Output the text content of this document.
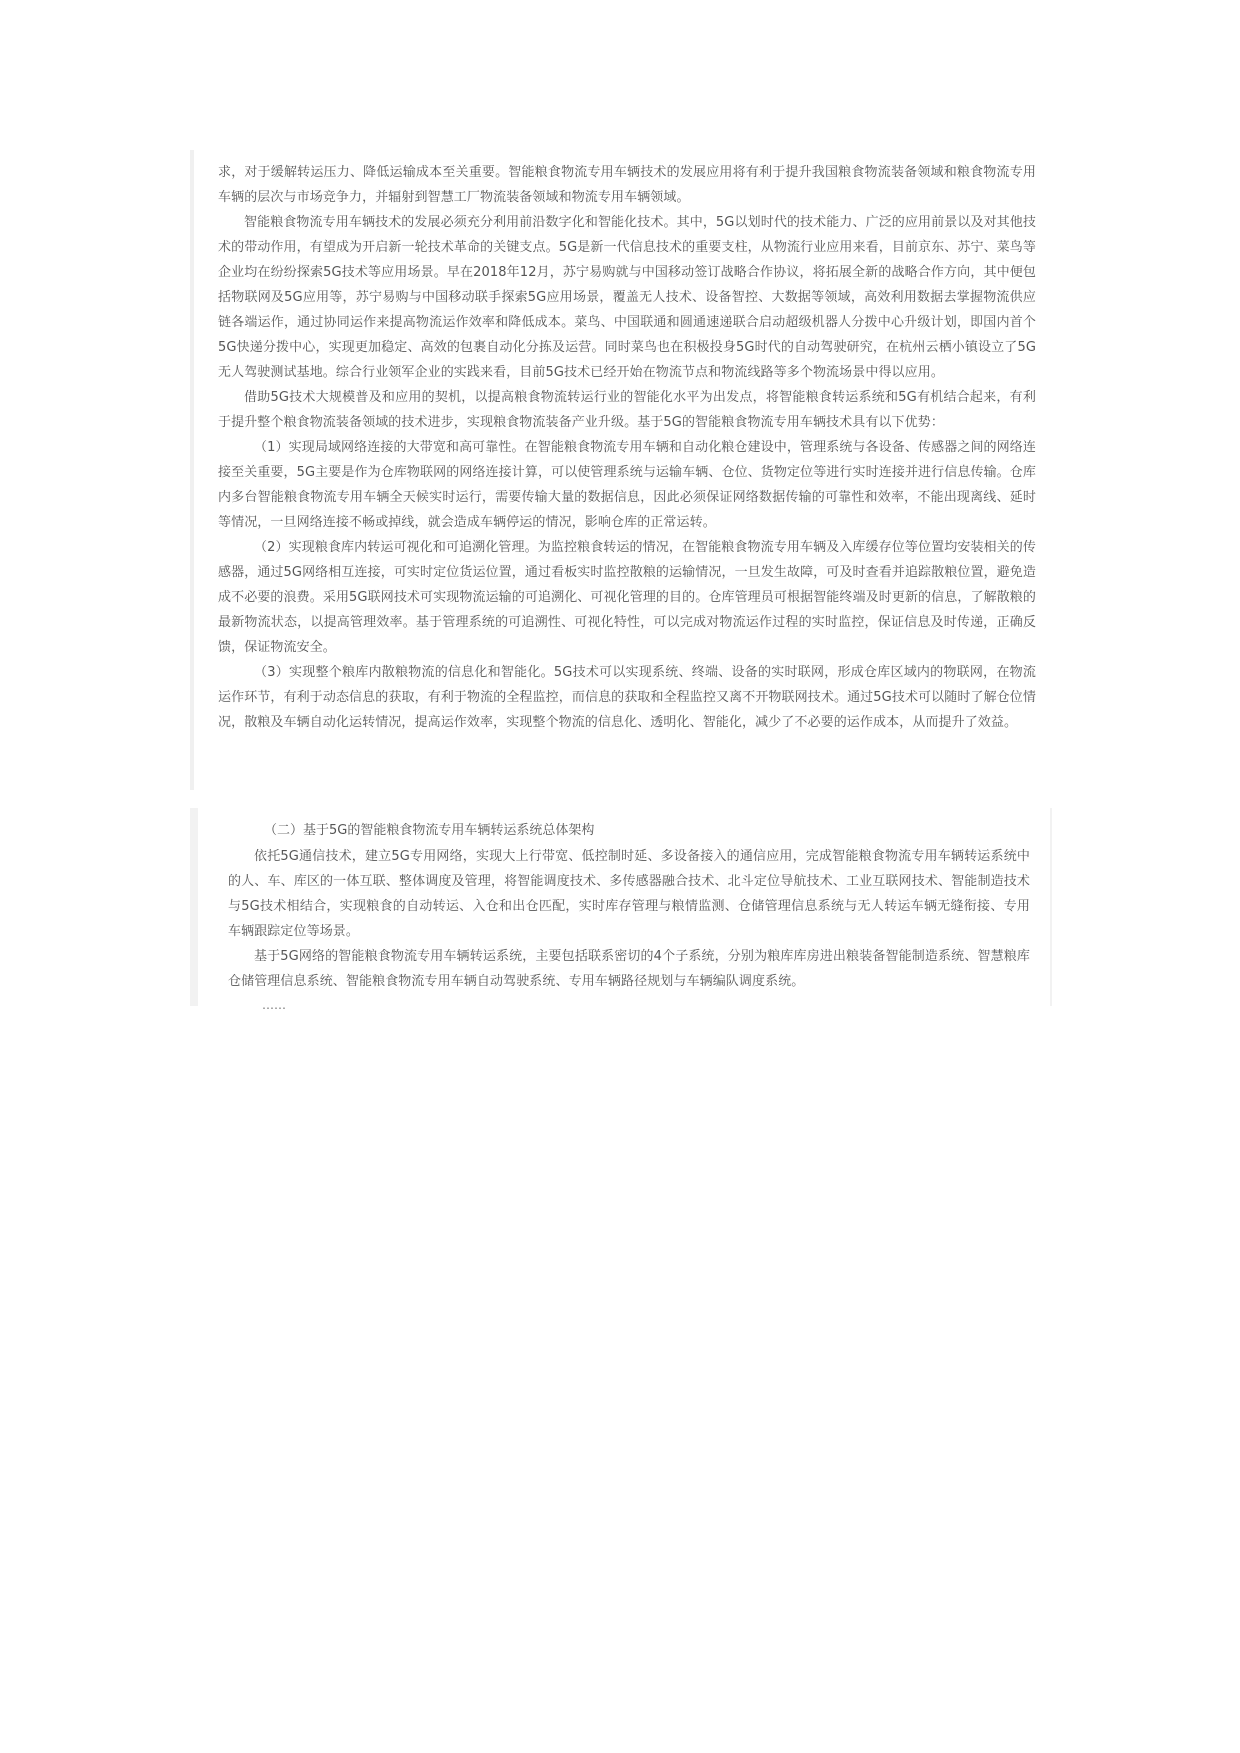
求，对于缓解转运压力、降低运输成本至关重要。智能粮食物流专用车辆技术的发展应用将有利于提升我国粮食物流装备领域和粮食物流专用车辆的层次与市场竞争力，并辐射到智慧工厂物流装备领域和物流专用车辆领域。

智能粮食物流专用车辆技术的发展必须充分利用前沿数字化和智能化技术。其中，5G以划时代的技术能力、广泛的应用前景以及对其他技术的带动作用，有望成为开启新一轮技术革命的关键支点。5G是新一代信息技术的重要支柱，从物流行业应用来看，目前京东、苏宁、菜鸟等企业均在纷纷探索5G技术等应用场景。早在2018年12月，苏宁易购就与中国移动签订战略合作协议，将拓展全新的战略合作方向，其中便包括物联网及5G应用等，苏宁易购与中国移动联手探索5G应用场景，覆盖无人技术、设备智控、大数据等领域，高效利用数据去掌握物流供应链各端运作，通过协同运作来提高物流运作效率和降低成本。菜鸟、中国联通和圆通速递联合启动超级机器人分拨中心升级计划，即国内首个5G快递分拨中心，实现更加稳定、高效的包裹自动化分拣及运营。同时菜鸟也在积极投身5G时代的自动驾驶研究，在杭州云栖小镇设立了5G无人驾驶测试基地。综合行业领军企业的实践来看，目前5G技术已经开始在物流节点和物流线路等多个物流场景中得以应用。

借助5G技术大规模普及和应用的契机，以提高粮食物流转运行业的智能化水平为出发点，将智能粮食转运系统和5G有机结合起来，有利于提升整个粮食物流装备领域的技术进步，实现粮食物流装备产业升级。基于5G的智能粮食物流专用车辆技术具有以下优势：

（1）实现局域网络连接的大带宽和高可靠性。在智能粮食物流专用车辆和自动化粮仓建设中，管理系统与各设备、传感器之间的网络连接至关重要，5G主要是作为仓库物联网的网络连接计算，可以使管理系统与运输车辆、仓位、货物定位等进行实时连接并进行信息传输。仓库内多台智能粮食物流专用车辆全天候实时运行，需要传输大量的数据信息，因此必须保证网络数据传输的可靠性和效率，不能出现离线、延时等情况，一旦网络连接不畅或掉线，就会造成车辆停运的情况，影响仓库的正常运转。

（2）实现粮食库内转运可视化和可追溯化管理。为监控粮食转运的情况，在智能粮食物流专用车辆及入库缓存位等位置均安装相关的传感器，通过5G网络相互连接，可实时定位货运位置，通过看板实时监控散粮的运输情况，一旦发生故障，可及时查看并追踪散粮位置，避免造成不必要的浪费。采用5G联网技术可实现物流运输的可追溯化、可视化管理的目的。仓库管理员可根据智能终端及时更新的信息，了解散粮的最新物流状态，以提高管理效率。基于管理系统的可追溯性、可视化特性，可以完成对物流运作过程的实时监控，保证信息及时传递，正确反馈，保证物流安全。

（3）实现整个粮库内散粮物流的信息化和智能化。5G技术可以实现系统、终端、设备的实时联网，形成仓库区域内的物联网，在物流运作环节，有利于动态信息的获取，有利于物流的全程监控，而信息的获取和全程监控又离不开物联网技术。通过5G技术可以随时了解仓位情况，散粮及车辆自动化运转情况，提高运作效率，实现整个物流的信息化、透明化、智能化，减少了不必要的运作成本，从而提升了效益。

（二）基于5G的智能粮食物流专用车辆转运系统总体架构

依托5G通信技术，建立5G专用网络，实现大上行带宽、低控制时延、多设备接入的通信应用，完成智能粮食物流专用车辆转运系统中的人、车、库区的一体互联、整体调度及管理，将智能调度技术、多传感器融合技术、北斗定位导航技术、工业互联网技术、智能制造技术与5G技术相结合，实现粮食的自动转运、入仓和出仓匹配，实时库存管理与粮情监测、仓储管理信息系统与无人转运车辆无缝衔接、专用车辆跟踪定位等场景。

基于5G网络的智能粮食物流专用车辆转运系统，主要包括联系密切的4个子系统，分别为粮库库房进出粮装备智能制造系统、智慧粮库仓储管理信息系统、智能粮食物流专用车辆自动驾驶系统、专用车辆路径规划与车辆编队调度系统。

……
